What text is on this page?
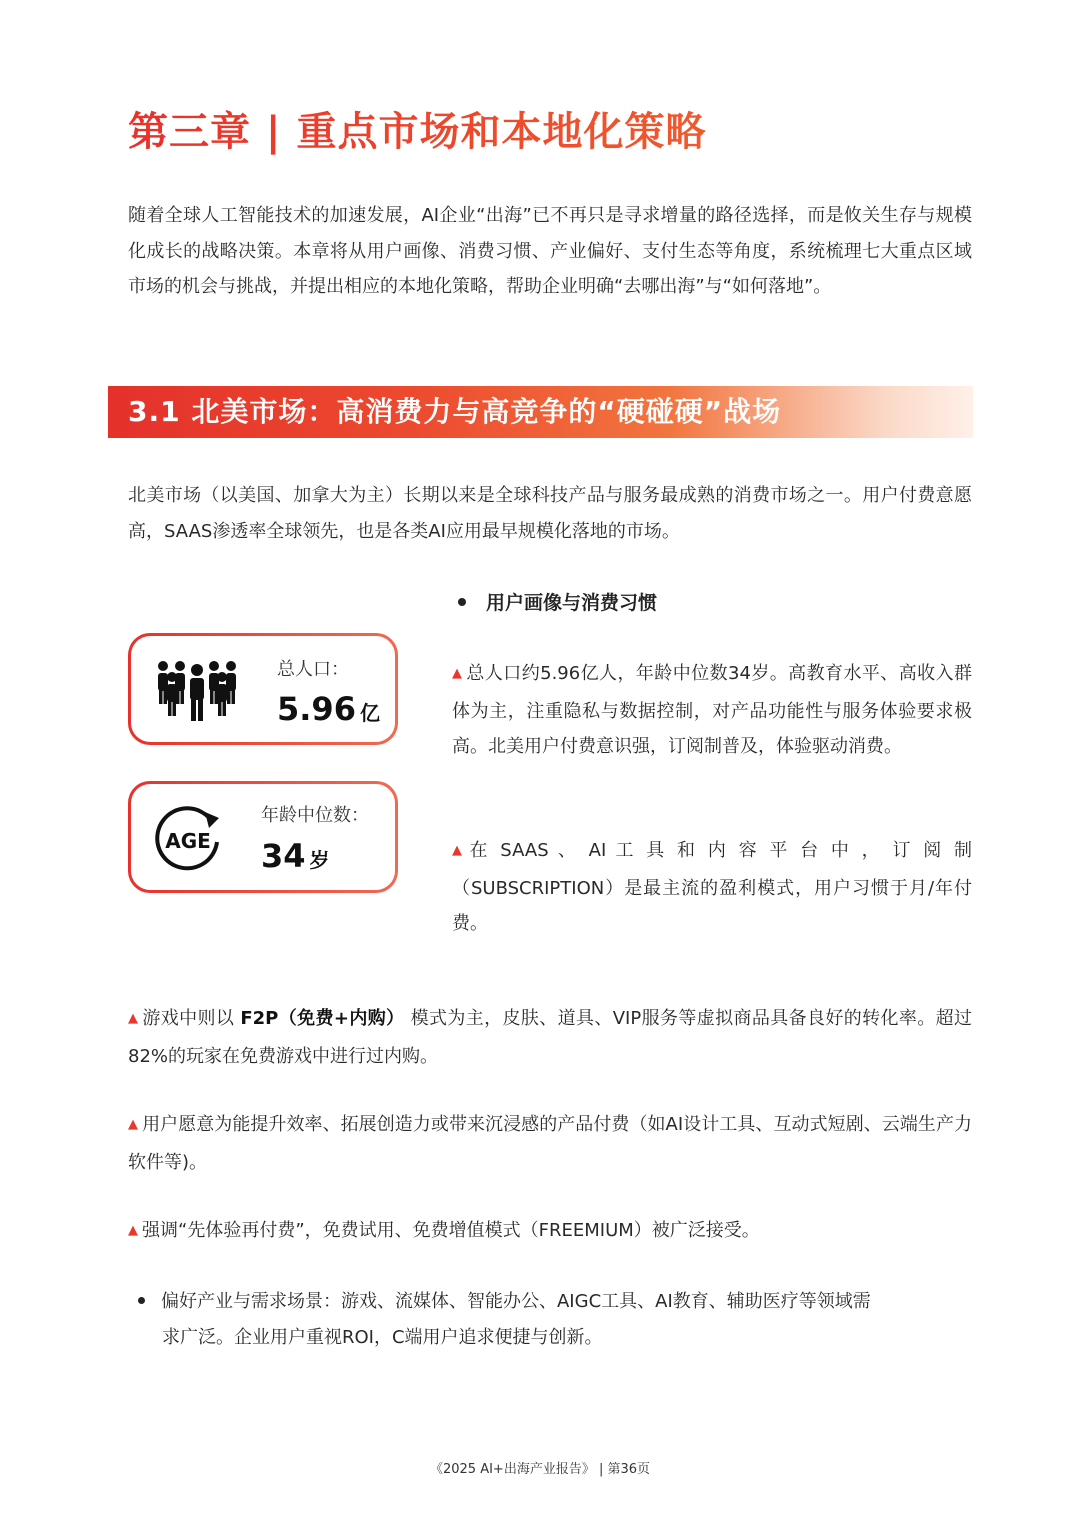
第三章 | 重点市场和本地化策略
随着全球人工智能技术的加速发展，AI企业“出海”已不再只是寻求增量的路径选择，而是攸关生存与规模化成长的战略决策。本章将从用户画像、消费习惯、产业偏好、支付生态等角度，系统梳理七大重点区域市场的机会与挑战，并提出相应的本地化策略，帮助企业明确“去哪出海”与“如何落地”。
3.1 北美市场：高消费力与高竞争的“硬碰硬”战场
北美市场（以美国、加拿大为主）长期以来是全球科技产品与服务最成熟的消费市场之一。用户付费意愿高，SAAS渗透率全球领先，也是各类AI应用最早规模化落地的市场。
用户画像与消费习惯
总人口：
5.96 亿
AGE
年龄中位数：
34 岁
▲ 总人口约5.96亿人，年龄中位数34岁。高教育水平、高收入群体为主，注重隐私与数据控制，对产品功能性与服务体验要求极高。北美用户付费意识强，订阅制普及，体验驱动消费。
▲ 在 SAAS 、 AI 工 具 和 内 容 平 台 中 ， 订 阅 制（SUBSCRIPTION）是最主流的盈利模式，用户习惯于月/年付费。
▲ 游戏中则以 F2P（免费+内购） 模式为主，皮肤、道具、VIP服务等虚拟商品具备良好的转化率。超过82%的玩家在免费游戏中进行过内购。
▲ 用户愿意为能提升效率、拓展创造力或带来沉浸感的产品付费（如AI设计工具、互动式短剧、云端生产力软件等)。
▲ 强调“先体验再付费”，免费试用、免费增值模式（FREEMIUM）被广泛接受。
偏好产业与需求场景：游戏、流媒体、智能办公、AIGC工具、AI教育、辅助医疗等领域需
求广泛。企业用户重视ROI，C端用户追求便捷与创新。
《2025 AI+出海产业报告》 | 第36页
